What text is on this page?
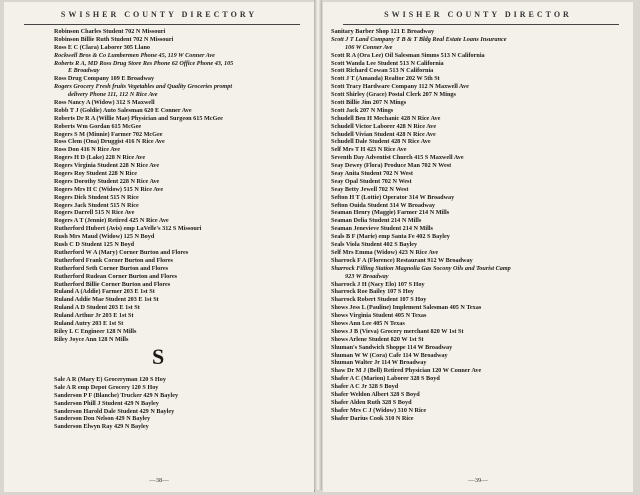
SWISHER COUNTY DIRECTORY
Robinson Charles Student 702 N Missouri
Robinson Billie Ruth Student 702 N Missouri
Ross E C (Clara) Laborer 305 Llano
Rockwell Bros & Co Lumbermen Phone 45, 119 W Conner Ave
Roberts R A, MD Ross Drug Store Res Phone 62 Office Phone 43, 105
E Broadway
Ross Drug Company 109 E Broadway
Rogers Grocery Fresh fruits Vegetables and Quality Groceries prompt
delivery Phone 111, 112 N Rice Ave
Ross Nancy A (Widow) 312 S Maxwell
Robb T J (Goldie) Auto Salesman 620 E Conner Ave
Roberts Dr R A (Willie Mae) Physician and Surgeon 615 McGee
Roberts Wm Gordan 615 McGee
Rogers S M (Minnie) Farmer 702 McGee
Ross Clem (Ona) Druggist 416 N Rice Ave
Ross Don 416 N Rice Ave
Rogers H D (Lake) 228 N Rice Ave
Rogers Virginia Student 228 N Rice Ave
Rogers Roy Student 228 N Rice
Rogers Dorothy Student 228 N Rice Ave
Rogers Mrs H C (Widow) 515 N Rice Ave
Rogers Dick Student 515 N Rice
Rogers Jack Student 515 N Rice
Rogers Darrell 515 N Rice Ave
Rogers A T (Jennie) Retired 425 N Rice Ave
Rutherford Hubert (Avis) emp LaVelle's 312 S Missouri
Rush Mrs Maud (Widow) 125 N Boyd
Rush C D Student 125 N Boyd
Rutherford W A (Mary) Corner Burton and Flores
Rutherford Frank Corner Burton and Flores
Rutherford Seth Corner Burton and Flores
Rutherford Rudean Corner Burton and Flores
Rutherford Billie Corner Burton and Flores
Ruland A (Addie) Farmer 203 E 1st St
Ruland Addie Mae Student 203 E 1st St
Ruland A D Student 203 E 1st St
Ruland Arthur Jr 203 E 1st St
Ruland Autry 203 E 1st St
Riley L C Engineer 128 N Mills
Riley Joyce Ann 128 N Mills
S
Sale A R (Mary E) Groceryman 120 S Hoy
Sale A R emp Depot Grocery 120 S Hoy
Sanderson P F (Blanche) Trucker 429 N Bayley
Sanderson Phill J Student 429 N Bayley
Sanderson Harold Dale Student 429 N Bayley
Sanderson Don Nelson 429 N Bayley
Sanderson Elwyn Ray 429 N Bayley
—38—
SWISHER COUNTY DIRECTOR
Sanitary Barber Shop 121 E Broadway
Scott J T Land Company T B & T Bldg Real Estate Loans Insurance
106 W Conner Ave
Scott R A (Ora Lee) Oil Salesman Simms 513 N California
Scott Wanda Lee Student 513 N California
Scott Richard Cowan 513 N California
Scott J T (Amanda) Realtor 202 W 5th St
Scott Tracy Hardware Company 112 N Maxwell Ave
Scott Shirley (Grace) Postal Clerk 207 N Mings
Scott Billie Jim 207 N Mings
Scott Jack 207 N Mings
Schudell Ben H Mechanic 428 N Rice Ave
Schudell Victor Laborer 428 N Rice Ave
Schudell Vivian Student 428 N Rice Ave
Schudell Dale Student 428 N Rice Ave
Self Mrs T H 423 N Rice Ave
Seventh Day Adventist Church 415 S Maxwell Ave
Seay Dewey (Flora) Produce Man 702 N West
Seay Anita Student 702 N West
Seay Opal Student 702 N West
Seay Betty Jewell 702 N West
Sefton H T (Lottie) Operator 314 W Broadway
Sefton Ouida Student 314 W Broadway
Seaman Henry (Maggie) Farmer 214 N Mills
Seaman Delia Student 214 N Mills
Seaman Jenevieve Student 214 N Mills
Seals B F (Marie) emp Santa Fe 402 S Bayley
Seals Viola Student 402 S Bayley
Self Mrs Emma (Widow) 423 N Rice Ave
Sharrock F A (Florence) Restaurant 912 W Broadway
Sharrock Filling Station Magnolia Gas Socony Oils and Tourist Camp
923 W Broadway
Sharrock J H (Nacy Elo) 107 S Hoy
Sharrock Roe Bailey 107 S Hoy
Sharrock Robert Student 107 S Hoy
Shows Jess L (Pauline) Implement Salesman 405 N Texas
Shows Virginia Student 405 N Texas
Shows Ann Lee 405 N Texas
Shows J B (Vieva) Grocery merchant 820 W 1st St
Shows Arlene Student 820 W 1st St
Shuman's Sandwich Shoppe 114 W Broadway
Shuman W W (Cora) Cafe 114 W Broadway
Shuman Walter Jr 114 W Broadway
Shaw Dr M J (Bell) Retired Physician 120 W Conner Ave
Shafer A C (Marion) Laborer 328 S Boyd
Shafer A C Jr 328 S Boyd
Shafer Weldon Albert 328 S Boyd
Shafer Alden Ruth 328 S Boyd
Shafer Mrs C J (Widow) 310 N Rice
Shafer Darius Cook 310 N Rice
—39—
